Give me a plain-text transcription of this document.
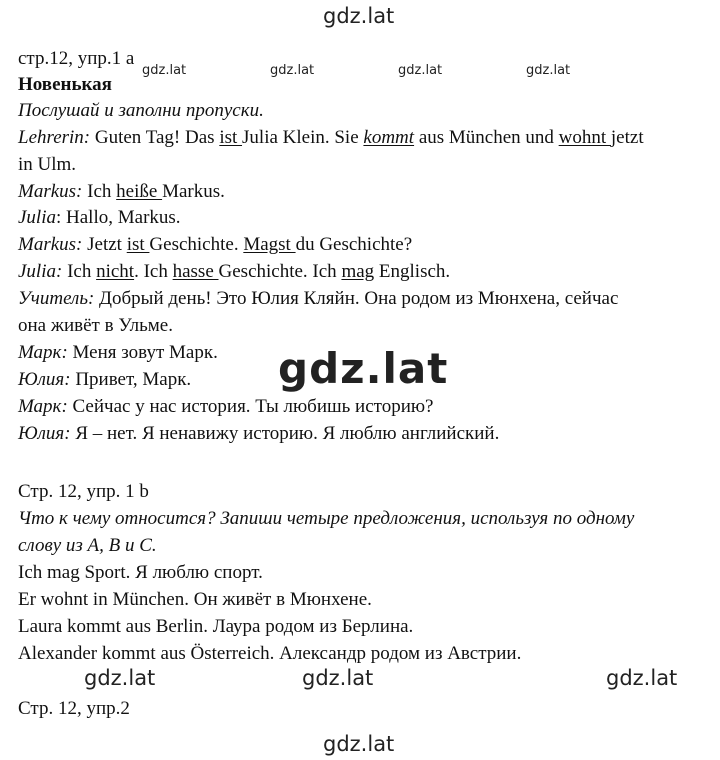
gdz.lat
gdz.lat	gdz.lat	gdz.lat	gdz.lat
gdz.lat
gdz.lat	gdz.lat	gdz.lat
gdz.lat
стр.12, упр.1 a
Новенькая
Послушай и заполни пропуски.
Lehrerin: Guten Tag! Das ist Julia Klein. Sie kommt aus München und wohnt jetzt
in Ulm.
Markus: Ich heiße Markus.
Julia: Hallo, Markus.
Markus: Jetzt ist Geschichte. Magst du Geschichte?
Julia: Ich nicht. Ich hasse Geschichte. Ich mag Englisch.
Учитель: Добрый день! Это Юлия Кляйн. Она родом из Мюнхена, сейчас
она живёт в Ульме.
Марк: Меня зовут Марк.
Юлия: Привет, Марк.
Марк: Сейчас у нас история. Ты любишь историю?
Юлия: Я – нет. Я ненавижу историю. Я люблю английский.
Стр. 12, упр. 1 b
Что к чему относится? Запиши четыре предложения, используя по одному
слову из A, B и C.
Ich mag Sport. Я люблю спорт.
Er wohnt in München. Он живёт в Мюнхене.
Laura kommt aus Berlin. Лаура родом из Берлина.
Alexander kommt aus Österreich. Александр родом из Австрии.
Стр. 12, упр.2
